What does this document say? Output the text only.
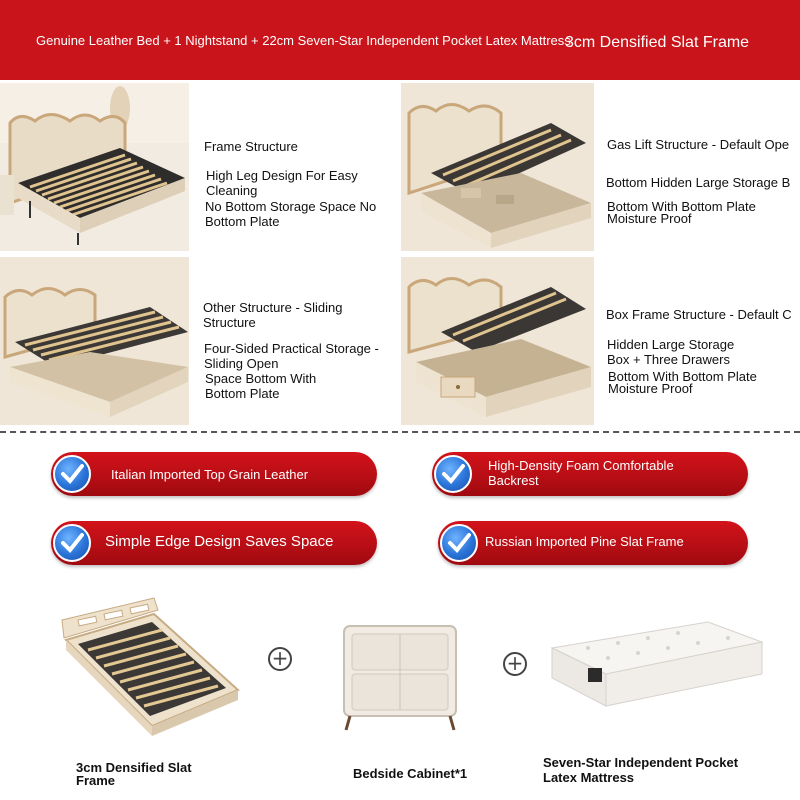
Genuine Leather Bed + 1 Nightstand + 22cm Seven-Star Independent Pocket Latex Mattress
3cm Densified Slat Frame
Frame Structure
High Leg Design For Easy
Cleaning
No Bottom Storage Space No
Bottom Plate
Gas Lift Structure - Default Ope
Bottom Hidden Large Storage B
Bottom With Bottom Plate
Moisture Proof
Other Structure - Sliding
Structure
Four-Sided Practical Storage -
Sliding Open
Space Bottom With
Bottom Plate
Box Frame Structure - Default C
Hidden Large Storage
Box + Three Drawers
Bottom With Bottom Plate
Moisture Proof
Italian Imported Top Grain Leather
High-Density Foam Comfortable
Backrest
Simple Edge Design Saves Space	Russian Imported Pine Slat Frame
+	+
3cm Densified Slat
Frame	Bedside Cabinet*1
Seven-Star Independent Pocket
Latex Mattress
